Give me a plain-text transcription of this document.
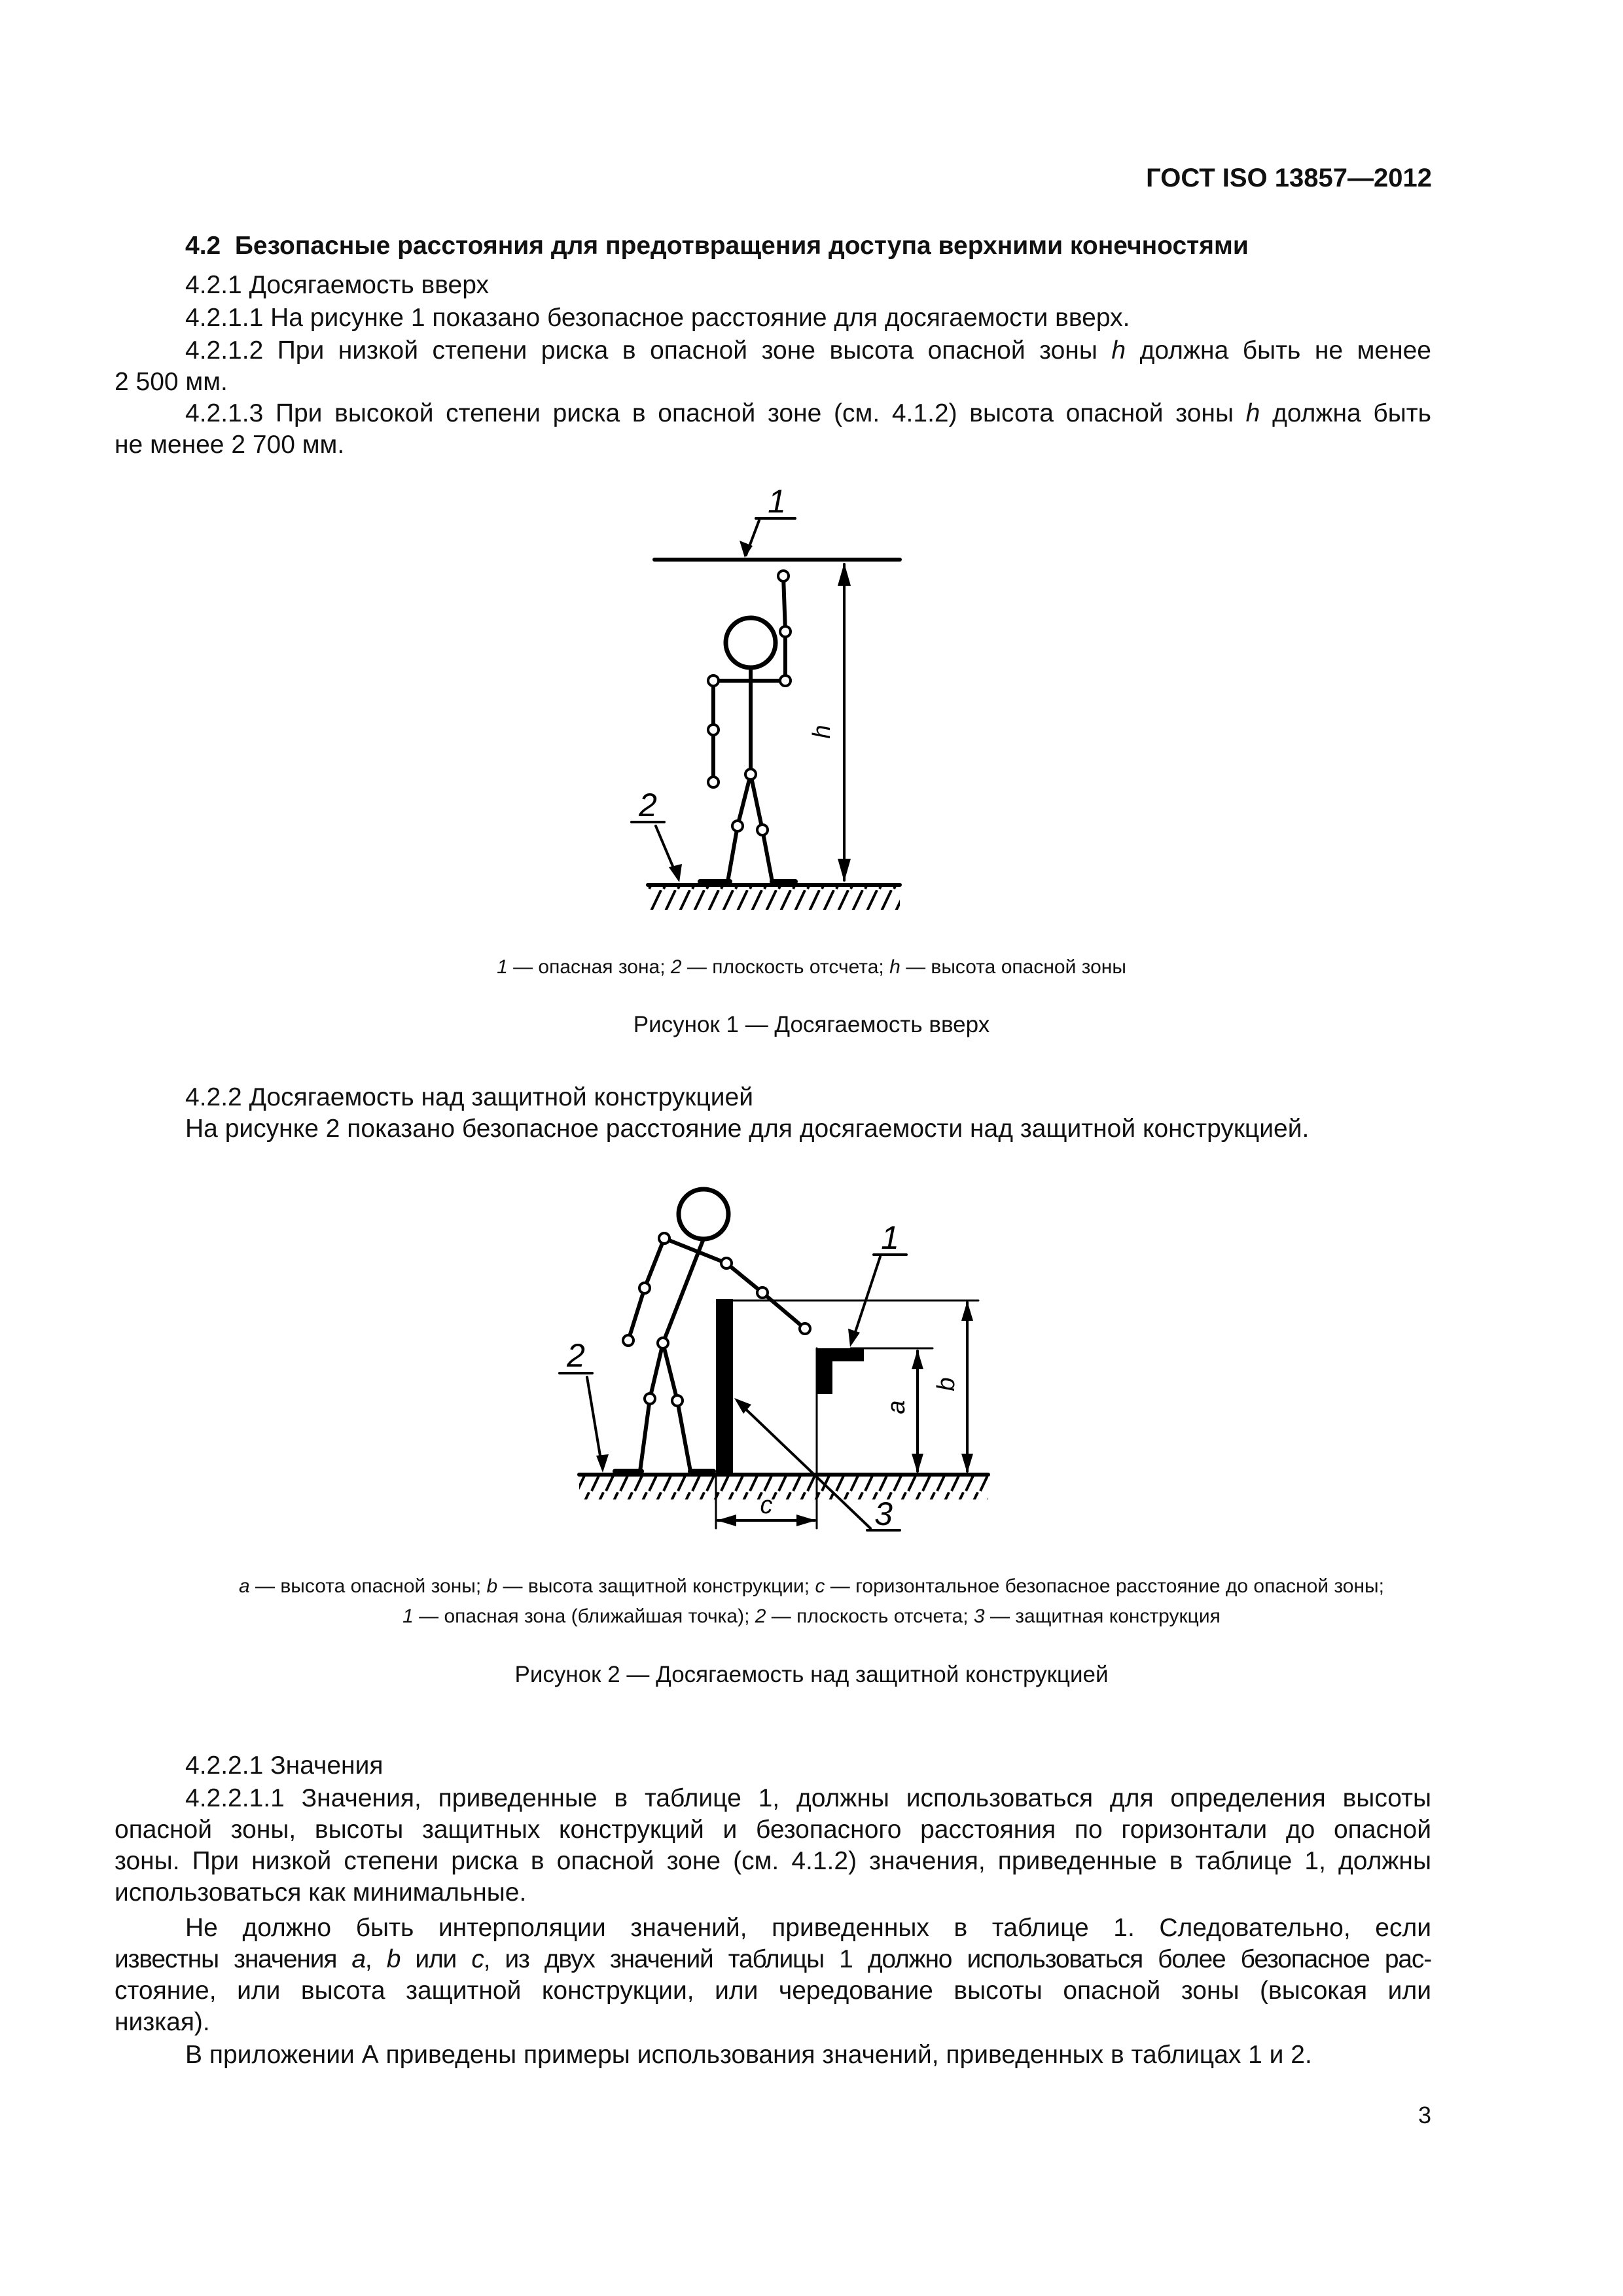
ГОСТ ISO 13857—2012
4.2 Безопасные расстояния для предотвращения доступа верхними конечностями
4.2.1 Досягаемость вверх
4.2.1.1 На рисунке 1 показано безопасное расстояние для досягаемости вверх.
4.2.1.2 При низкой степени риска в опасной зоне высота опасной зоны h должна быть не менее
2 500 мм.
4.2.1.3 При высокой степени риска в опасной зоне (см. 4.1.2) высота опасной зоны h должна быть
не менее 2 700 мм.
1
2
h
1 — опасная зона; 2 — плоскость отсчета; h — высота опасной зоны
Рисунок 1 — Досягаемость вверх
4.2.2 Досягаемость над защитной конструкцией
На рисунке 2 показано безопасное расстояние для досягаемости над защитной конструкцией.
1
2
3
a
b
c
a — высота опасной зоны; b — высота защитной конструкции; c — горизонтальное безопасное расстояние до опасной зоны;
1 — опасная зона (ближайшая точка); 2 — плоскость отсчета; 3 — защитная конструкция
Рисунок 2 — Досягаемость над защитной конструкцией
4.2.2.1 Значения
4.2.2.1.1 Значения, приведенные в таблице 1, должны использоваться для определения высоты
опасной зоны, высоты защитных конструкций и безопасного расстояния по горизонтали до опасной
зоны. При низкой степени риска в опасной зоне (см. 4.1.2) значения, приведенные в таблице 1, должны
использоваться как минимальные.
Не должно быть интерполяции значений, приведенных в таблице 1. Следовательно, если
известны значения a, b или c, из двух значений таблицы 1 должно использоваться более безопасное рас-
стояние, или высота защитной конструкции, или чередование высоты опасной зоны (высокая или
низкая).
В приложении А приведены примеры использования значений, приведенных в таблицах 1 и 2.
3
